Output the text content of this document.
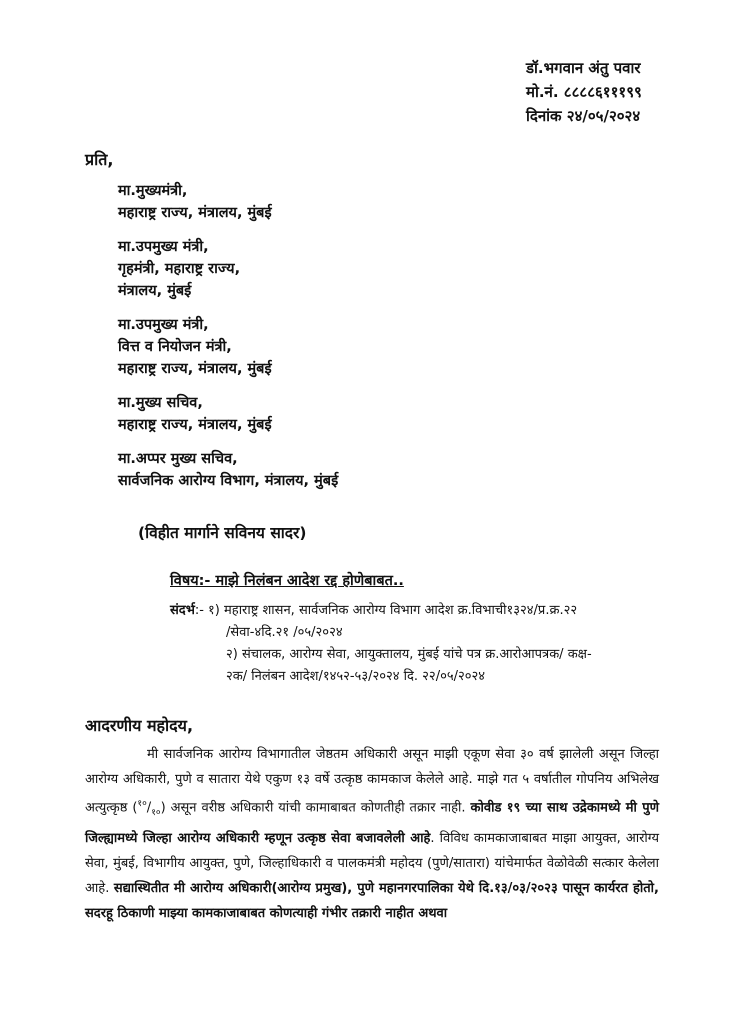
डॉ.भगवान अंतु पवार
मो.नं. ८८८८६१११९९
दिनांक २४/०५/२०२४
प्रति,
मा.मुख्यमंत्री,
महाराष्ट्र राज्य, मंत्रालय, मुंबई
मा.उपमुख्य मंत्री,
गृहमंत्री, महाराष्ट्र राज्य,
मंत्रालय, मुंबई
मा.उपमुख्य मंत्री,
वित्त व नियोजन मंत्री,
महाराष्ट्र राज्य, मंत्रालय, मुंबई
मा.मुख्य सचिव,
महाराष्ट्र राज्य, मंत्रालय, मुंबई
मा.अप्पर मुख्य सचिव,
सार्वजनिक आरोग्य विभाग, मंत्रालय, मुंबई
(विहीत मार्गाने सविनय सादर)
विषय:- माझे निलंबन आदेश रद्द होणेबाबत..
संदर्भ:- १) महाराष्ट्र शासन, सार्वजनिक आरोग्य विभाग आदेश क्र.विभाची१३२४/प्र.क्र.२२
/सेवा-४दि.२१ /०५/२०२४
२) संचालक, आरोग्य सेवा, आयुक्तालय, मुंबई यांचे पत्र क्र.आरोआपत्रक/ कक्ष-
२क/ निलंबन आदेश/१४५२-५३/२०२४ दि. २२/०५/२०२४
आदरणीय महोदय,
मी सार्वजनिक आरोग्य विभागातील जेष्ठतम अधिकारी असून माझी एकूण सेवा ३० वर्ष झालेली असून जिल्हा आरोग्य अधिकारी, पुणे व सातारा येथे एकुण १३ वर्षे उत्कृष्ठ कामकाज केलेले आहे. माझे गत ५ वर्षातील गोपनिय अभिलेख अत्युत्कृष्ठ $(^{१०}/_{१०})$ असून वरीष्ठ अधिकारी यांची कामाबाबत कोणतीही तक्रार नाही. कोवीड १९ च्या साथ उद्रेकामध्ये मी पुणे जिल्ह्यामध्ये जिल्हा आरोग्य अधिकारी म्हणून उत्कृष्ठ सेवा बजावलेली आहे. विविध कामकाजाबाबत माझा आयुक्त, आरोग्य सेवा, मुंबई, विभागीय आयुक्त, पुणे, जिल्हाधिकारी व पालकमंत्री महोदय (पुणे/सातारा) यांचेमार्फत वेळोवेळी सत्कार केलेला आहे. सद्यास्थितीत मी आरोग्य अधिकारी(आरोग्य प्रमुख), पुणे महानगरपालिका येथे दि.१३/०३/२०२३ पासून कार्यरत होतो, सदरहू ठिकाणी माझ्या कामकाजाबाबत कोणत्याही गंभीर तक्रारी नाहीत अथवा
